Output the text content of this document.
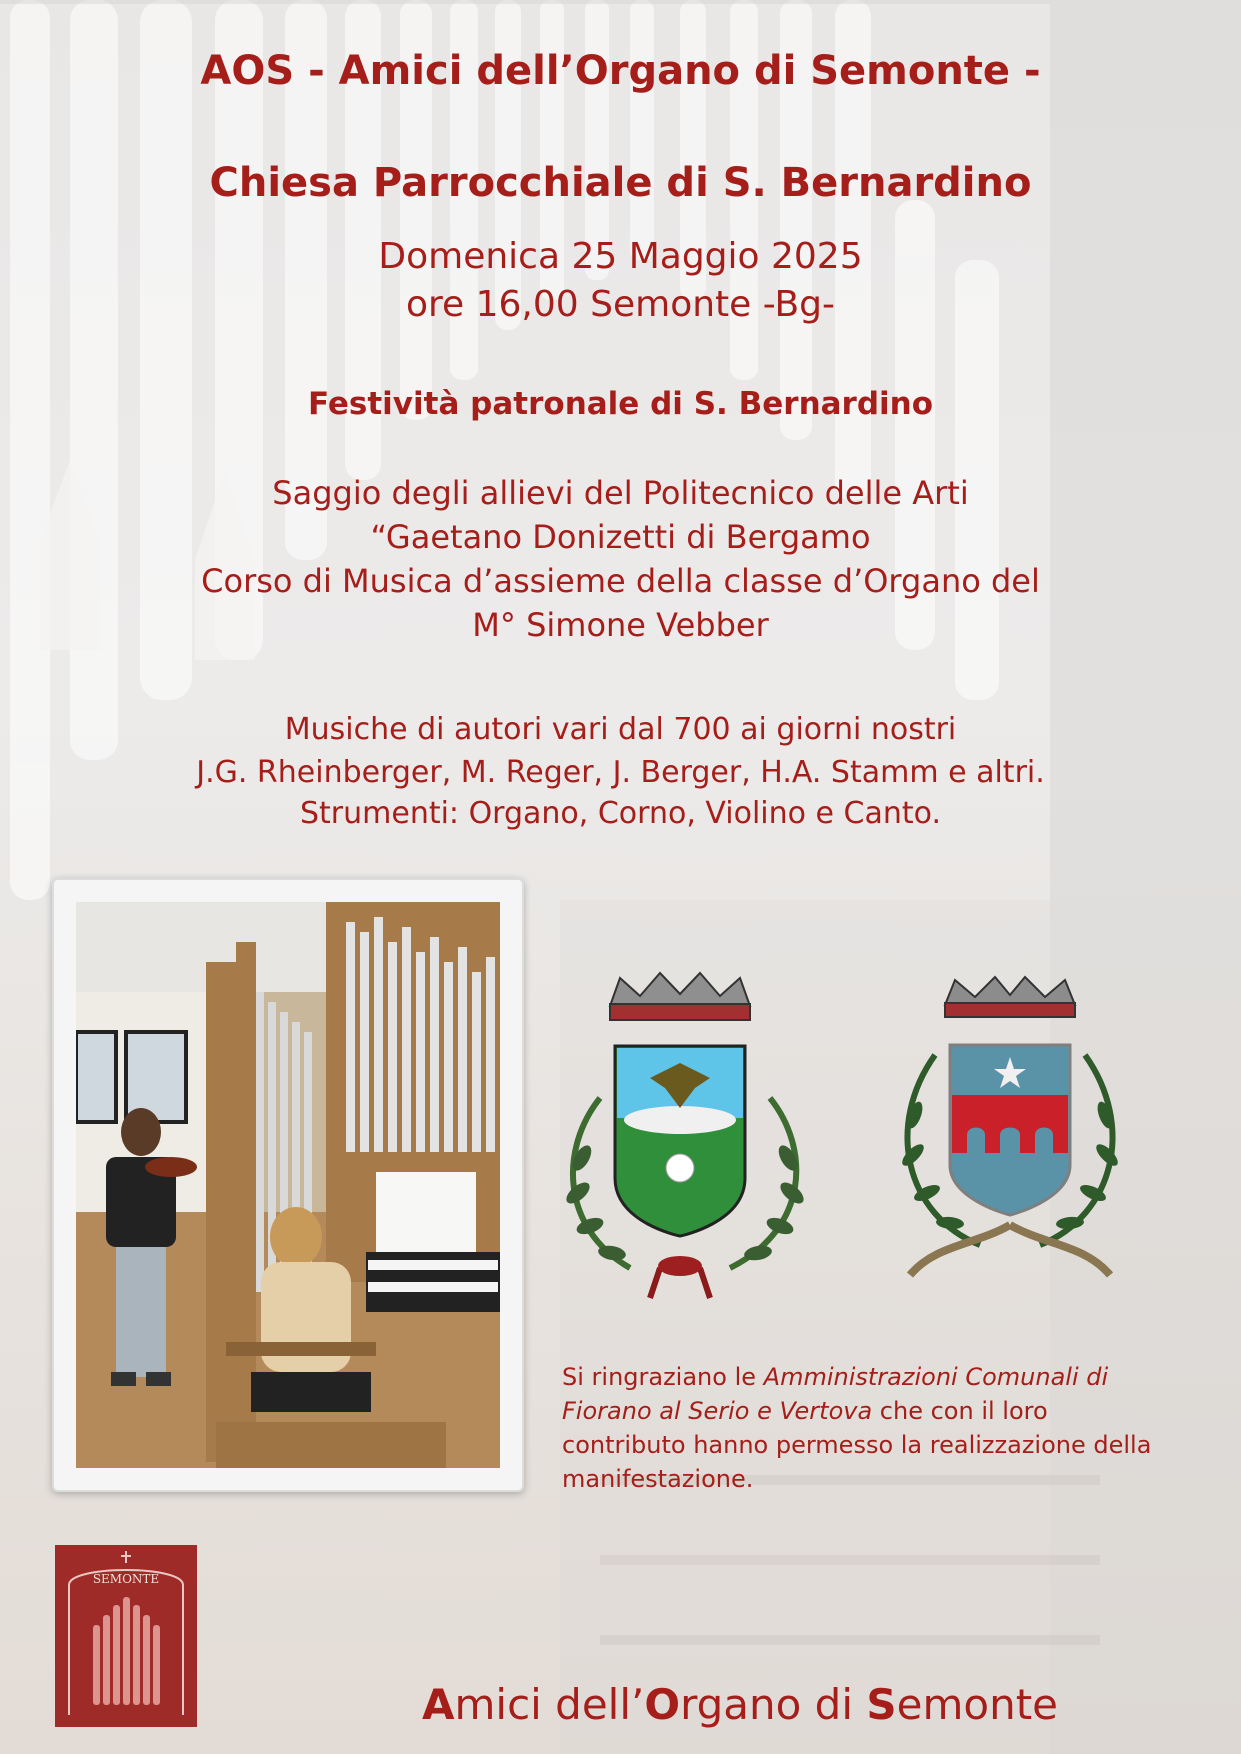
AOS - Amici dell’Organo di Semonte -
Chiesa Parrocchiale di S. Bernardino
Domenica 25 Maggio 2025
ore 16,00 Semonte -Bg-
Festività patronale di S. Bernardino
Saggio degli allievi del Politecnico delle Arti
“Gaetano Donizetti di Bergamo
Corso di Musica d’assieme della classe d’Organo del
M° Simone Vebber
Musiche di autori vari dal 700 ai giorni nostri
J.G. Rheinberger, M. Reger, J. Berger, H.A. Stamm e altri.
Strumenti: Organo, Corno, Violino e Canto.
Si ringraziano le Amministrazioni Comunali di Fiorano al Serio e Vertova che con il loro contributo hanno permesso la realizzazione della manifestazione.
SEMONTE
Amici dell’Organo di Semonte
